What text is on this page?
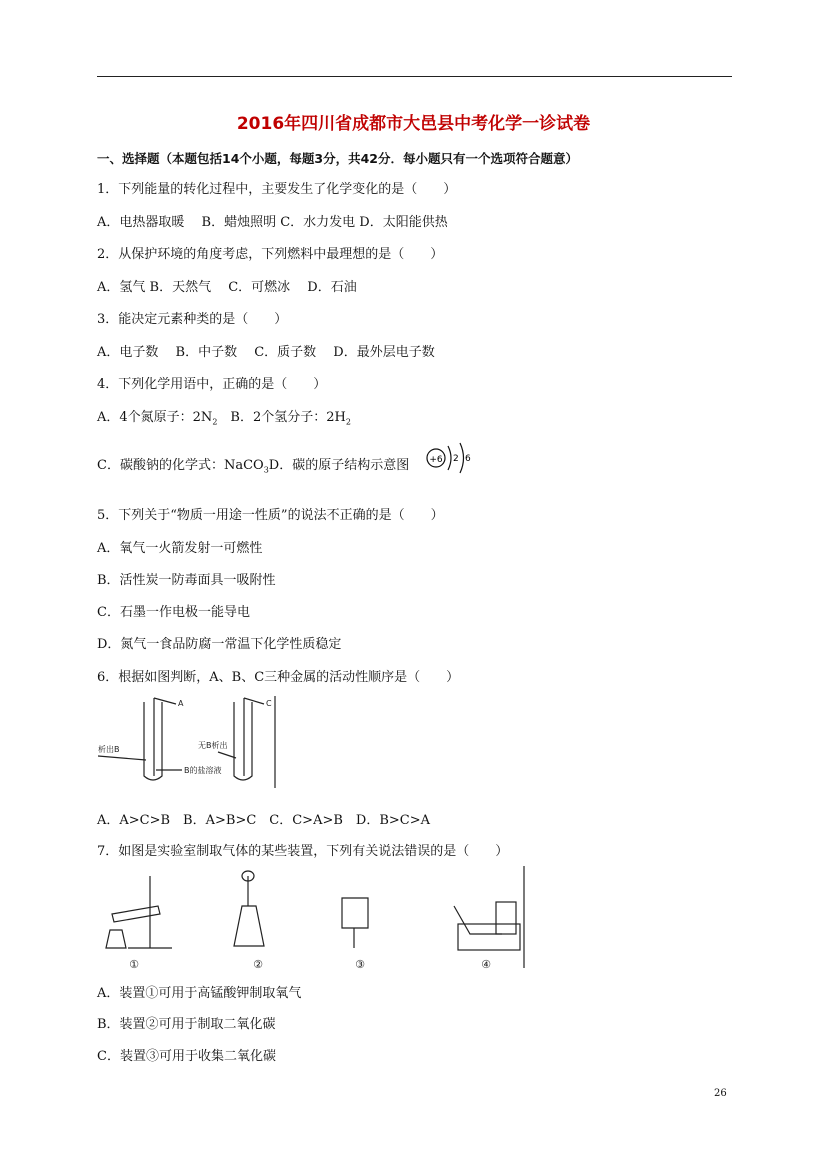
2016年四川省成都市大邑县中考化学一诊试卷
一、选择题（本题包括14个小题，每题3分，共42分．每小题只有一个选项符合题意）
1．下列能量的转化过程中，主要发生了化学变化的是（　　）
A．电热器取暖　 B．蜡烛照明 C．水力发电 D．太阳能供热
2．从保护环境的角度考虑，下列燃料中最理想的是（　　）
A．氢气 B．天然气　 C．可燃冰　 D．石油
3．能决定元素种类的是（　　）
A．电子数　 B．中子数　 C．质子数　 D．最外层电子数
4．下列化学用语中，正确的是（　　）
A．4个氮原子：$2N_2$　B．2个氢分子：$2H_2$
C．碳酸钠的化学式：NaCO$_3$D．碳的原子结构示意图 +6 2 6
5．下列关于“物质一用途一性质”的说法不正确的是（　　）
A．氧气一火箭发射一可燃性
B．活性炭一防毒面具一吸附性
C．石墨一作电极一能导电
D．氮气一食品防腐一常温下化学性质稳定
6．根据如图判断，A、B、C三种金属的活动性顺序是（　　）
A	C
析出B
B的盐溶液
无B析出
A．A>C>B　B．A>B>C　C．C>A>B　D．B>C>A
7．如图是实验室制取气体的某些装置，下列有关说法错误的是（　　）
①	②	③	④
A．装置①可用于高锰酸钾制取氧气
B．装置②可用于制取二氧化碳
C．装置③可用于收集二氧化碳
26
